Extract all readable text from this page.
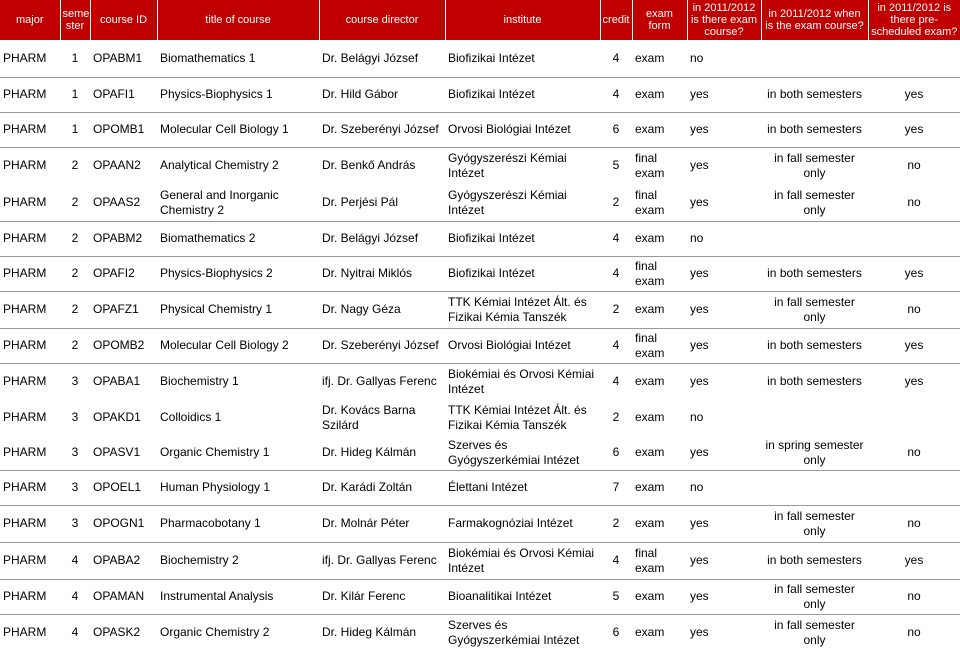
major	seme ster	course ID	title of course	course director	institute	credit	exam form	in 2011/2012 is there exam course?	in 2011/2012 when is the exam course?	in 2011/2012 is there pre-scheduled exam?
PHARM	1	OPABM1	Biomathematics 1	Dr. Belágyi József	Biofizikai Intézet	4	exam	no		
PHARM	1	OPAFI1	Physics-Biophysics 1	Dr. Hild Gábor	Biofizikai Intézet	4	exam	yes	in both semesters	yes
PHARM	1	OPOMB1	Molecular Cell Biology 1	Dr. Szeberényi József	Orvosi Biológiai Intézet	6	exam	yes	in both semesters	yes
PHARM	2	OPAAN2	Analytical Chemistry 2	Dr. Benkő András	Gyógyszerészi Kémiai Intézet	5	final exam	yes	in fall semester only	no
PHARM	2	OPAAS2	General and Inorganic Chemistry 2	Dr. Perjési Pál	Gyógyszerészi Kémiai Intézet	2	final exam	yes	in fall semester only	no
PHARM	2	OPABM2	Biomathematics 2	Dr. Belágyi József	Biofizikai Intézet	4	exam	no		
PHARM	2	OPAFI2	Physics-Biophysics 2	Dr. Nyitrai Miklós	Biofizikai Intézet	4	final exam	yes	in both semesters	yes
PHARM	2	OPAFZ1	Physical Chemistry 1	Dr. Nagy Géza	TTK Kémiai Intézet Ált. és Fizikai Kémia Tanszék	2	exam	yes	in fall semester only	no
PHARM	2	OPOMB2	Molecular Cell Biology 2	Dr. Szeberényi József	Orvosi Biológiai Intézet	4	final exam	yes	in both semesters	yes
PHARM	3	OPABA1	Biochemistry 1	ifj. Dr. Gallyas Ferenc	Biokémiai és Orvosi Kémiai Intézet	4	exam	yes	in both semesters	yes
PHARM	3	OPAKD1	Colloidics 1	Dr. Kovács Barna Szilárd	TTK Kémiai Intézet Ált. és Fizikai Kémia Tanszék	2	exam	no		
PHARM	3	OPASV1	Organic Chemistry 1	Dr. Hideg Kálmán	Szerves és Gyógyszerkémiai Intézet	6	exam	yes	in spring semester only	no
PHARM	3	OPOEL1	Human Physiology 1	Dr. Karádi Zoltán	Élettani Intézet	7	exam	no		
PHARM	3	OPOGN1	Pharmacobotany 1	Dr. Molnár Péter	Farmakognóziai Intézet	2	exam	yes	in fall semester only	no
PHARM	4	OPABA2	Biochemistry 2	ifj. Dr. Gallyas Ferenc	Biokémiai és Orvosi Kémiai Intézet	4	final exam	yes	in both semesters	yes
PHARM	4	OPAMAN	Instrumental Analysis	Dr. Kilár Ferenc	Bioanalitikai Intézet	5	exam	yes	in fall semester only	no
PHARM	4	OPASK2	Organic Chemistry 2	Dr. Hideg Kálmán	Szerves és Gyógyszerkémiai Intézet	6	exam	yes	in fall semester only	no
